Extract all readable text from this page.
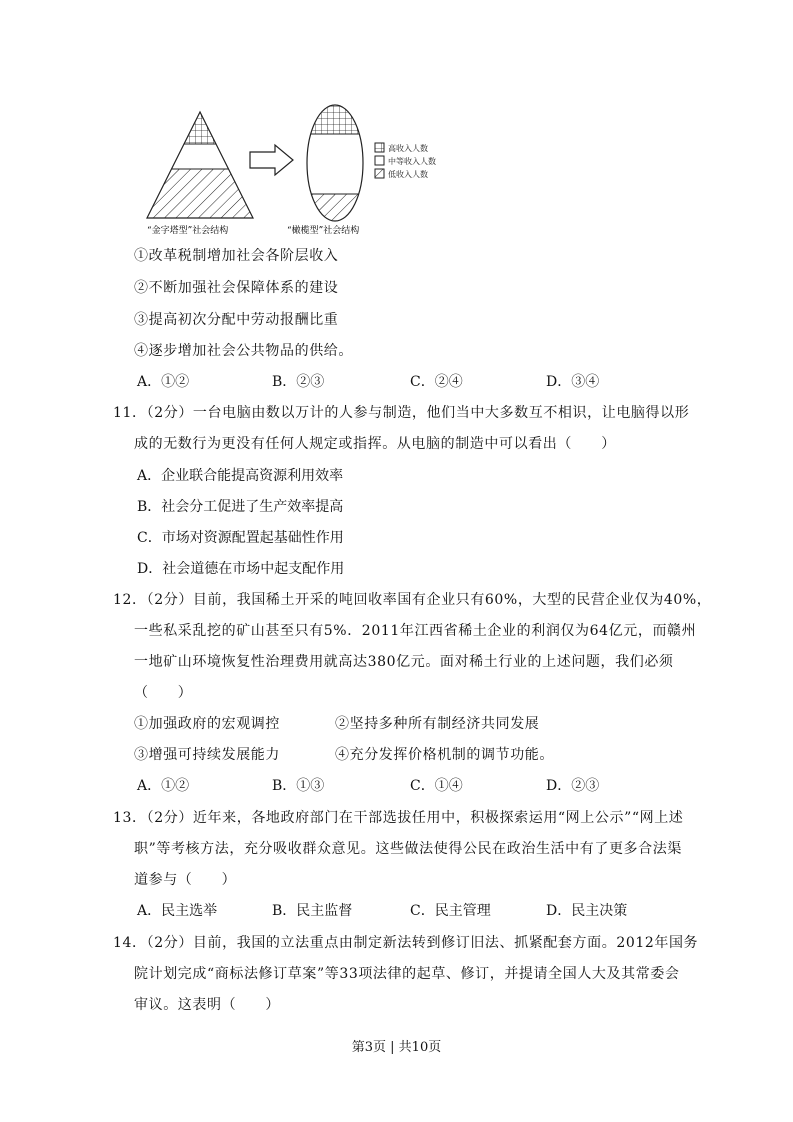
高收入人数
中等收入人数
低收入人数
“金字塔型”社会结构	“橄榄型”社会结构
①改革税制增加社会各阶层收入
②不断加强社会保障体系的建设
③提高初次分配中劳动报酬比重
④逐步增加社会公共物品的供给。
A．①②	B．②③	C．②④	D．③④
11．（2分）一台电脑由数以万计的人参与制造，他们当中大多数互不相识，让电脑得以形
成的无数行为更没有任何人规定或指挥。从电脑的制造中可以看出（　　）
A．企业联合能提高资源利用效率
B．社会分工促进了生产效率提高
C．市场对资源配置起基础性作用
D．社会道德在市场中起支配作用
12．（2分）目前，我国稀土开采的吨回收率国有企业只有60%，大型的民营企业仅为40%，
一些私采乱挖的矿山甚至只有5%．2011年江西省稀土企业的利润仅为64亿元，而赣州
一地矿山环境恢复性治理费用就高达380亿元。面对稀土行业的上述问题，我们必须
（　　）
①加强政府的宏观调控	②坚持多种所有制经济共同发展
③增强可持续发展能力	④充分发挥价格机制的调节功能。
A．①②	B．①③	C．①④	D．②③
13．（2分）近年来，各地政府部门在干部选拔任用中，积极探索运用“网上公示”“网上述
职”等考核方法，充分吸收群众意见。这些做法使得公民在政治生活中有了更多合法渠
道参与（　　）
A．民主选举	B．民主监督	C．民主管理	D．民主决策
14．（2分）目前，我国的立法重点由制定新法转到修订旧法、抓紧配套方面。2012年国务
院计划完成“商标法修订草案”等33项法律的起草、修订，并提请全国人大及其常委会
审议。这表明（　　）
第3页 | 共10页
